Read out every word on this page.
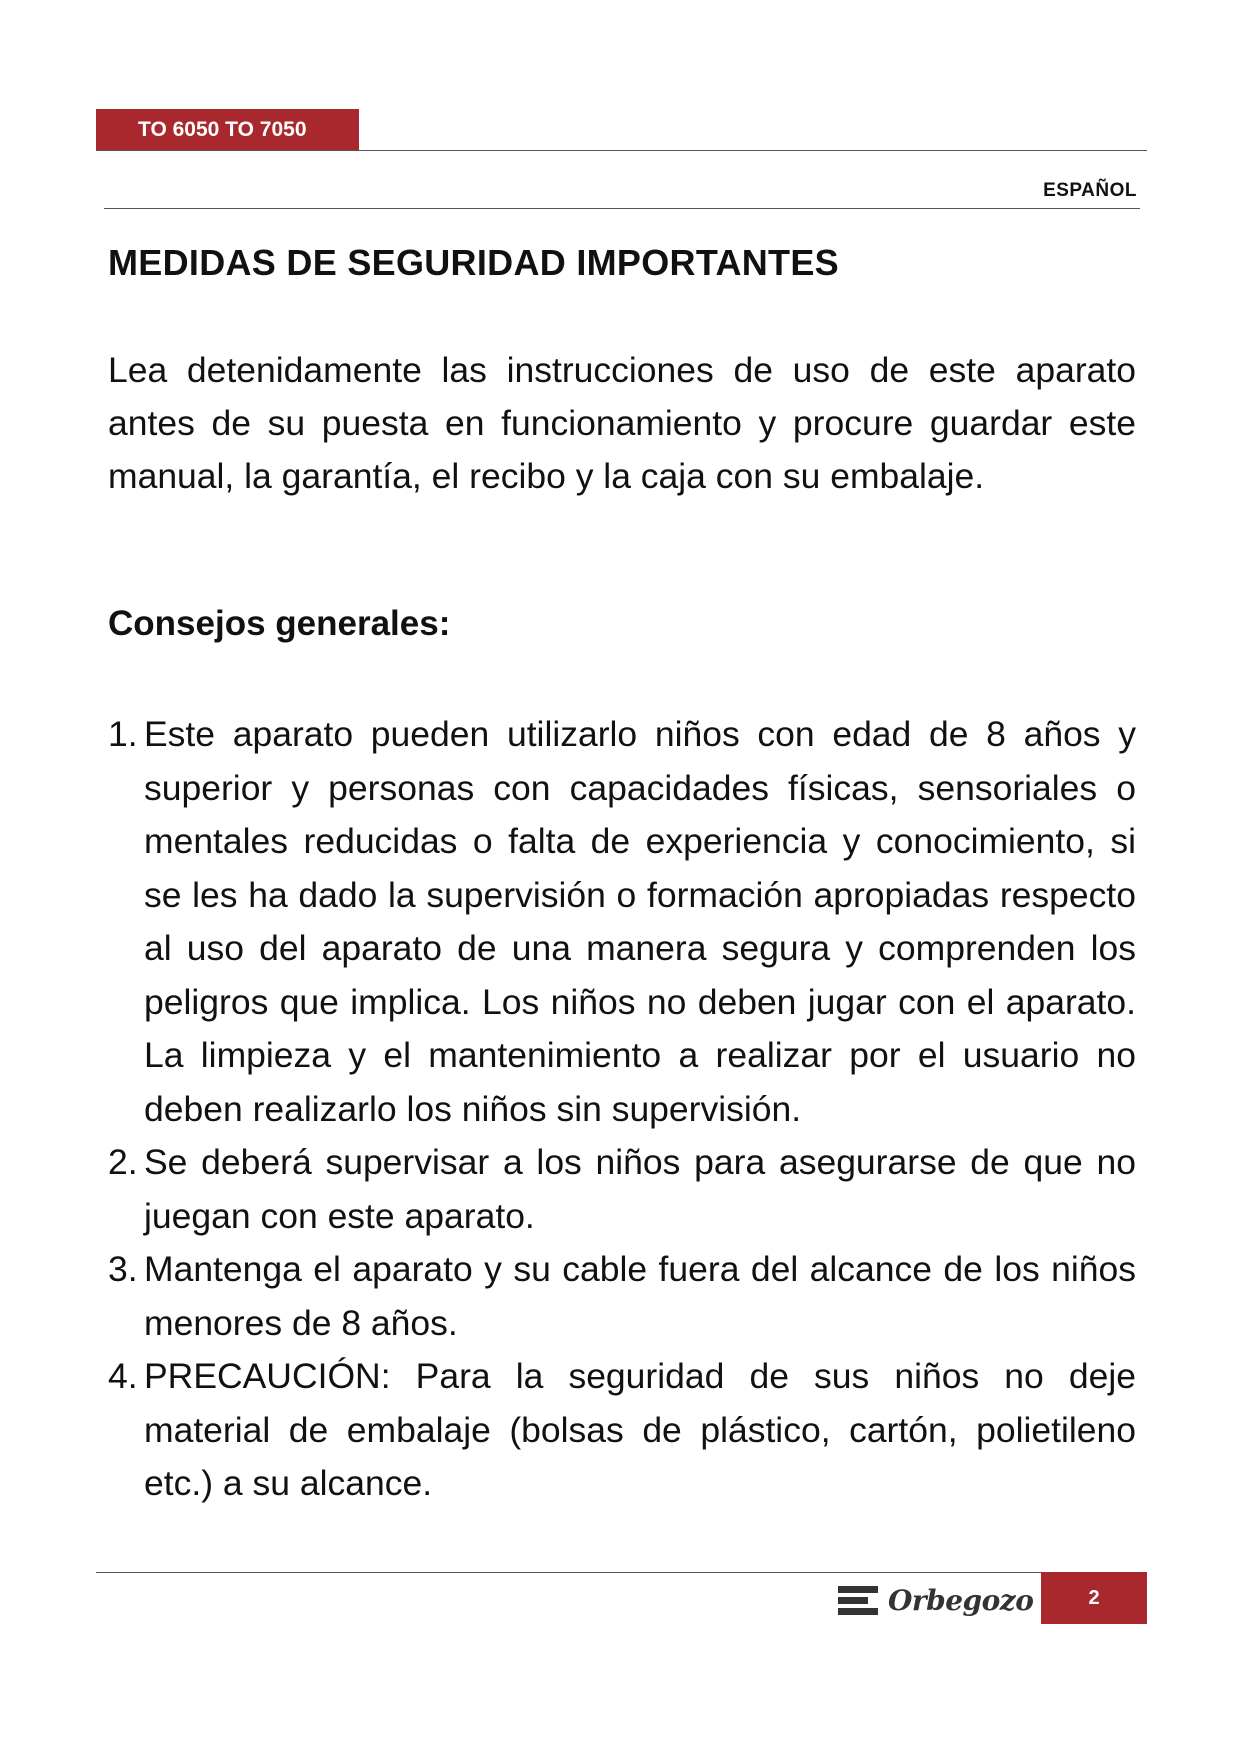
TO 6050 TO 7050
ESPAÑOL
MEDIDAS DE SEGURIDAD IMPORTANTES

Lea detenidamente las instrucciones de uso de este aparato antes de su puesta en funcionamiento y procure guardar este manual, la garantía, el recibo y la caja con su embalaje.

Consejos generales:
1. Este aparato pueden utilizarlo niños con edad de 8 años y superior y personas con capacidades físicas, sensoriales o mentales reducidas o falta de experiencia y conocimiento, si se les ha dado la supervisión o formación apropiadas respecto al uso del aparato de una manera segura y comprenden los peligros que implica. Los niños no deben jugar con el aparato. La limpieza y el mantenimiento a realizar por el usuario no deben realizarlo los niños sin supervisión.
2. Se deberá supervisar a los niños para asegurarse de que no juegan con este aparato.
3. Mantenga el aparato y su cable fuera del alcance de los niños menores de 8 años.
4. PRECAUCIÓN: Para la seguridad de sus niños no deje material de embalaje (bolsas de plástico, cartón, polietileno etc.) a su alcance.
Orbegozo	2
